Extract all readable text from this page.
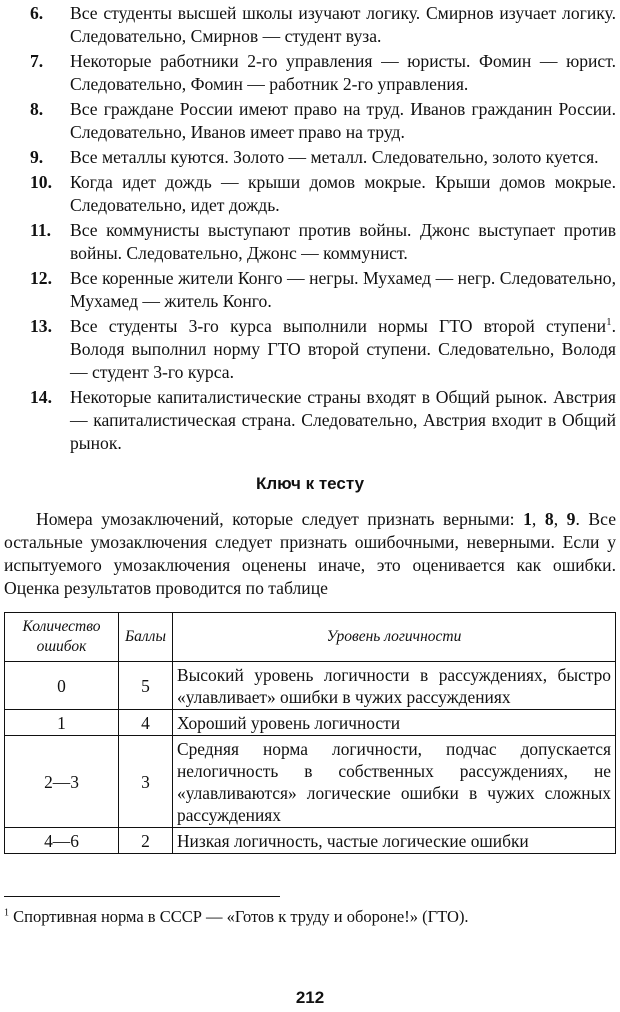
6.	Все студенты высшей школы изучают логику. Смирнов изучает логику. Следовательно, Смирнов — студент вуза.
7.	Некоторые работники 2-го управления — юристы. Фомин — юрист. Следовательно, Фомин — работник 2-го управления.
8.	Все граждане России имеют право на труд. Иванов гражданин России. Следовательно, Иванов имеет право на труд.
9.	Все металлы куются. Золото — металл. Следовательно, золото куется.
10.	Когда идет дождь — крыши домов мокрые. Крыши домов мокрые. Следовательно, идет дождь.
11.	Все коммунисты выступают против войны. Джонс выступает против войны. Следовательно, Джонс — коммунист.
12.	Все коренные жители Конго — негры. Мухамед — негр. Следовательно, Мухамед — житель Конго.
13.	Все студенты 3-го курса выполнили нормы ГТО второй ступени$^1$. Володя выполнил норму ГТО второй ступени. Следовательно, Володя — студент 3-го курса.
14.	Некоторые капиталистические страны входят в Общий рынок. Австрия — капиталистическая страна. Следовательно, Австрия входит в Общий рынок.
Ключ к тесту
Номера умозаключений, которые следует признать верными: 1, 8, 9. Все остальные умозаключения следует признать ошибочными, неверными. Если у испытуемого умозаключения оценены иначе, это оценивается как ошибки. Оценка результатов проводится по таблице
Количество ошибок	Баллы	Уровень логичности
0	5	Высокий уровень логичности в рассуждениях, быстро «улавливает» ошибки в чужих рассуждениях
1	4	Хороший уровень логичности
2—3	3	Средняя норма логичности, подчас допускается нелогичность в собственных рассуждениях, не «улавливаются» логические ошибки в чужих сложных рассуждениях
4—6	2	Низкая логичность, частые логические ошибки
$^1$ Спортивная норма в СССР — «Готов к труду и обороне!» (ГТО).
212
